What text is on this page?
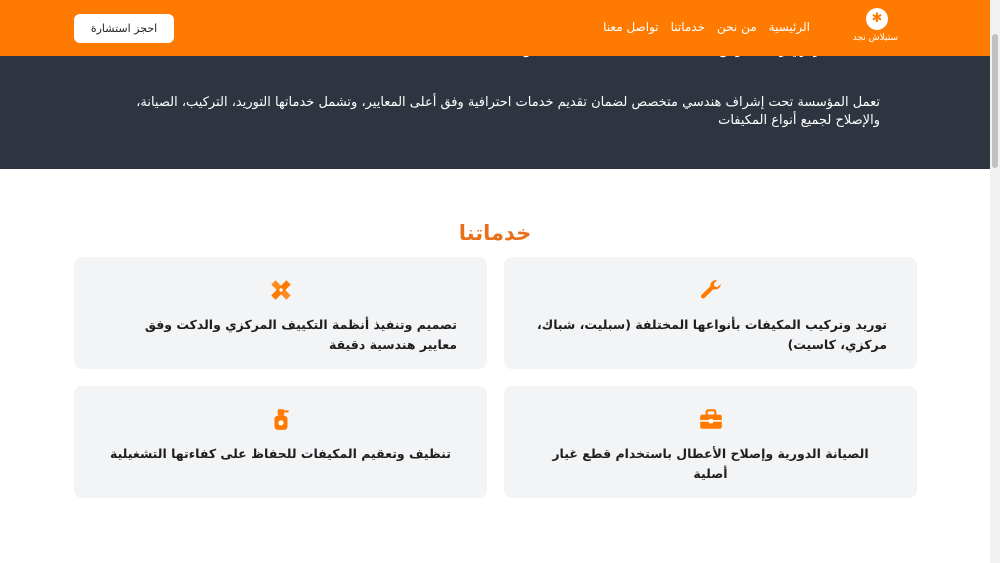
تعمل المؤسسة تحت إشراف هندسي متخصص لضمان تقديم خدمات احترافية وفق أعلى المعايير، وتشمل خدماتها التوريد، التركيب، الصيانة، والإصلاح لجميع أنواع المكيفات

✱
ستيلاش نجد
الرئيسية
من نحن
خدماتنا
تواصل معنا
احجز استشارة
خدماتنا
توريد وتركيب المكيفات بأنواعها المختلفة (سبليت، شباك، مركزي، كاسيت)
تصميم وتنفيذ أنظمة التكييف المركزي والدكت وفق معايير هندسية دقيقة
الصيانة الدورية وإصلاح الأعطال باستخدام قطع غيار أصلية
تنظيف وتعقيم المكيفات للحفاظ على كفاءتها التشغيلية
